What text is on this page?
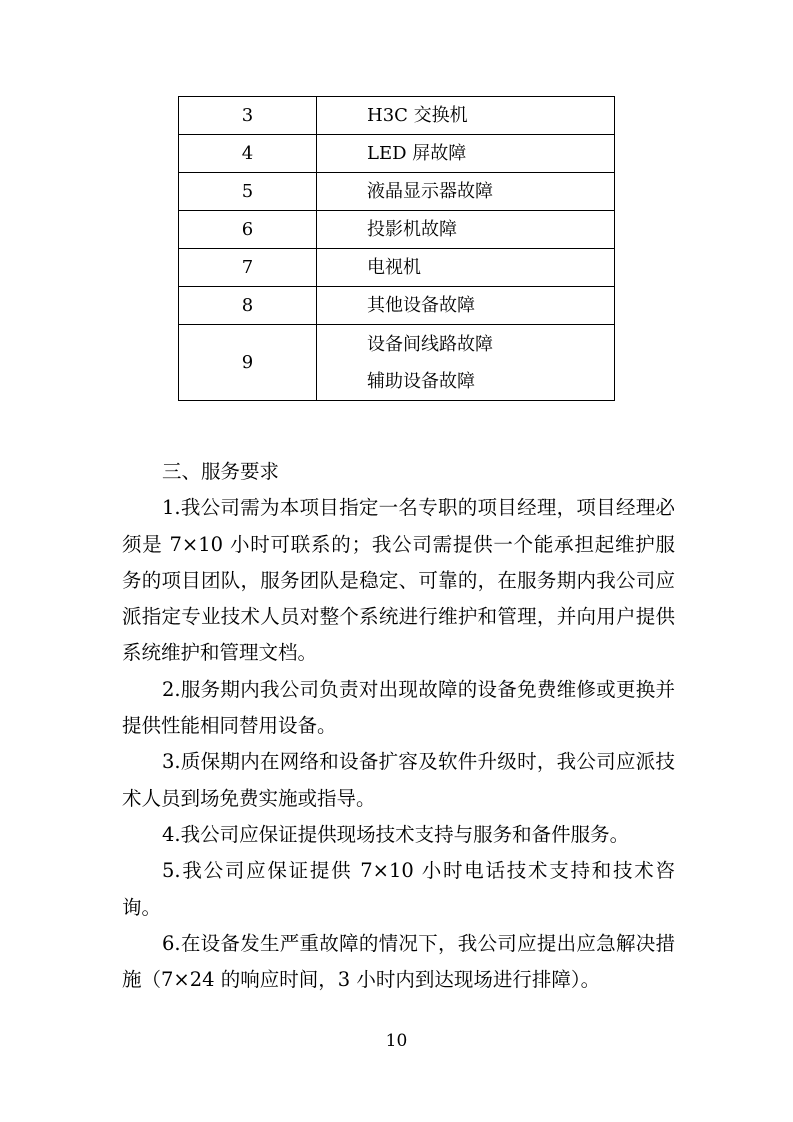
3	H3C 交换机

4	LED 屏故障

5	液晶显示器故障

6	投影机故障

7	电视机

8	其他设备故障

9	设备间线路故障
辅助设备故障

三、服务要求

1.我公司需为本项目指定一名专职的项目经理，项目经理必须是 7×10 小时可联系的；我公司需提供一个能承担起维护服务的项目团队，服务团队是稳定、可靠的，在服务期内我公司应派指定专业技术人员对整个系统进行维护和管理，并向用户提供系统维护和管理文档。

2.服务期内我公司负责对出现故障的设备免费维修或更换并提供性能相同替用设备。

3.质保期内在网络和设备扩容及软件升级时，我公司应派技术人员到场免费实施或指导。

4.我公司应保证提供现场技术支持与服务和备件服务。

5.我公司应保证提供 7×10 小时电话技术支持和技术咨询。

6.在设备发生严重故障的情况下，我公司应提出应急解决措施（7×24 的响应时间，3 小时内到达现场进行排障）。

10
